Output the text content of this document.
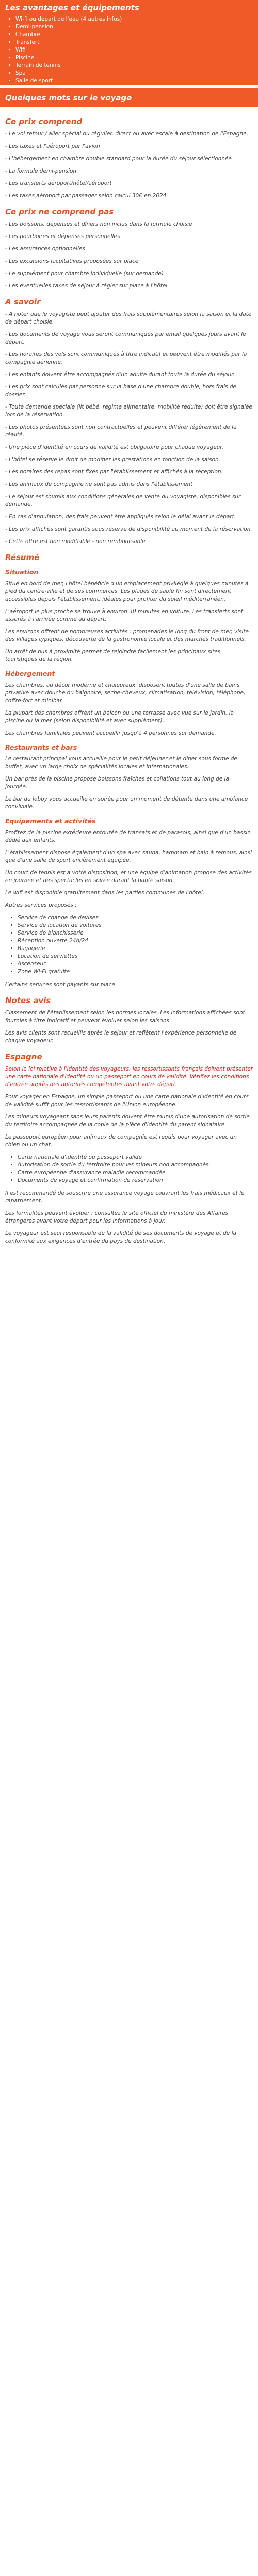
Les avantages et équipements
• Wi-fi ou départ de l'eau (4 autres infos)
• Demi-pension
• Chambre
• Transfert
• Wifi
• Piscine
• Terrain de tennis
• Spa
• Salle de sport
Quelques mots sur le voyage
Ce prix comprend

- Le vol retour / aller spécial ou régulier, direct ou avec escale à destination de l'Espagne.

- Les taxes et l'aéroport par l'avion

- L'hébergement en chambre double standard pour la durée du séjour sélectionnée

- La formule demi-pension

- Les transferts aéroport/hôtel/aéroport

- Les taxes aéroport par passager selon calcul 30€ en 2024

Ce prix ne comprend pas

- Les boissons, dépenses et dîners non inclus dans la formule choisie

- Les pourboires et dépenses personnelles

- Les assurances optionnelles

- Les excursions facultatives proposées sur place

- Le supplément pour chambre individuelle (sur demande)

- Les éventuelles taxes de séjour à régler sur place à l'hôtel

A savoir

- A noter que le voyagiste peut ajouter des frais supplémentaires selon la saison et la date de départ choisie.

- Les documents de voyage vous seront communiqués par email quelques jours avant le départ.

- Les horaires des vols sont communiqués à titre indicatif et peuvent être modifiés par la compagnie aérienne.

- Les enfants doivent être accompagnés d'un adulte durant toute la durée du séjour.

- Les prix sont calculés par personne sur la base d'une chambre double, hors frais de dossier.

- Toute demande spéciale (lit bébé, régime alimentaire, mobilité réduite) doit être signalée lors de la réservation.

- Les photos présentées sont non contractuelles et peuvent différer légèrement de la réalité.

- Une pièce d'identité en cours de validité est obligatoire pour chaque voyageur.

- L'hôtel se réserve le droit de modifier les prestations en fonction de la saison.

- Les horaires des repas sont fixés par l'établissement et affichés à la réception.

- Les animaux de compagnie ne sont pas admis dans l'établissement.

- Le séjour est soumis aux conditions générales de vente du voyagiste, disponibles sur demande.

- En cas d'annulation, des frais peuvent être appliqués selon le délai avant le départ.

- Les prix affichés sont garantis sous réserve de disponibilité au moment de la réservation.

- Cette offre est non modifiable - non remboursable

Résumé
Situation

Situé en bord de mer, l'hôtel bénéficie d'un emplacement privilégié à quelques minutes à pied du centre-ville et de ses commerces. Les plages de sable fin sont directement accessibles depuis l'établissement, idéales pour profiter du soleil méditerranéen.

L'aéroport le plus proche se trouve à environ 30 minutes en voiture. Les transferts sont assurés à l'arrivée comme au départ.

Les environs offrent de nombreuses activités : promenades le long du front de mer, visite des villages typiques, découverte de la gastronomie locale et des marchés traditionnels.

Un arrêt de bus à proximité permet de rejoindre facilement les principaux sites touristiques de la région.

Hébergement

Les chambres, au décor moderne et chaleureux, disposent toutes d'une salle de bains privative avec douche ou baignoire, sèche-cheveux, climatisation, télévision, téléphone, coffre-fort et minibar.

La plupart des chambres offrent un balcon ou une terrasse avec vue sur le jardin, la piscine ou la mer (selon disponibilité et avec supplément).

Les chambres familiales peuvent accueillir jusqu'à 4 personnes sur demande.

Restaurants et bars

Le restaurant principal vous accueille pour le petit déjeuner et le dîner sous forme de buffet, avec un large choix de spécialités locales et internationales.

Un bar près de la piscine propose boissons fraîches et collations tout au long de la journée.

Le bar du lobby vous accueille en soirée pour un moment de détente dans une ambiance conviviale.

Equipements et activités

Profitez de la piscine extérieure entourée de transats et de parasols, ainsi que d'un bassin dédié aux enfants.

L'établissement dispose également d'un spa avec sauna, hammam et bain à remous, ainsi que d'une salle de sport entièrement équipée.

Un court de tennis est à votre disposition, et une équipe d'animation propose des activités en journée et des spectacles en soirée durant la haute saison.

Le wifi est disponible gratuitement dans les parties communes de l'hôtel.

Autres services proposés :

• Service de change de devises
• Service de location de voitures
• Service de blanchisserie
• Réception ouverte 24h/24
• Bagagerie
• Location de serviettes
• Ascenseur
• Zone Wi-Fi gratuite

Certains services sont payants sur place.

Notes avis

Classement de l'établissement selon les normes locales. Les informations affichées sont fournies à titre indicatif et peuvent évoluer selon les saisons.

Les avis clients sont recueillis après le séjour et reflètent l'expérience personnelle de chaque voyageur.

Espagne

Selon la loi relative à l'identité des voyageurs, les ressortissants français doivent présenter une carte nationale d'identité ou un passeport en cours de validité. Vérifiez les conditions d'entrée auprès des autorités compétentes avant votre départ.

Pour voyager en Espagne, un simple passeport ou une carte nationale d'identité en cours de validité suffit pour les ressortissants de l'Union européenne.

Les mineurs voyageant sans leurs parents doivent être munis d'une autorisation de sortie du territoire accompagnée de la copie de la pièce d'identité du parent signataire.

Le passeport européen pour animaux de compagnie est requis pour voyager avec un chien ou un chat.

• Carte nationale d'identité ou passeport valide
• Autorisation de sortie du territoire pour les mineurs non accompagnés
• Carte européenne d'assurance maladie recommandée
• Documents de voyage et confirmation de réservation

Il est recommandé de souscrire une assurance voyage couvrant les frais médicaux et le rapatriement.

Les formalités peuvent évoluer : consultez le site officiel du ministère des Affaires étrangères avant votre départ pour les informations à jour.

Le voyageur est seul responsable de la validité de ses documents de voyage et de la conformité aux exigences d'entrée du pays de destination.
